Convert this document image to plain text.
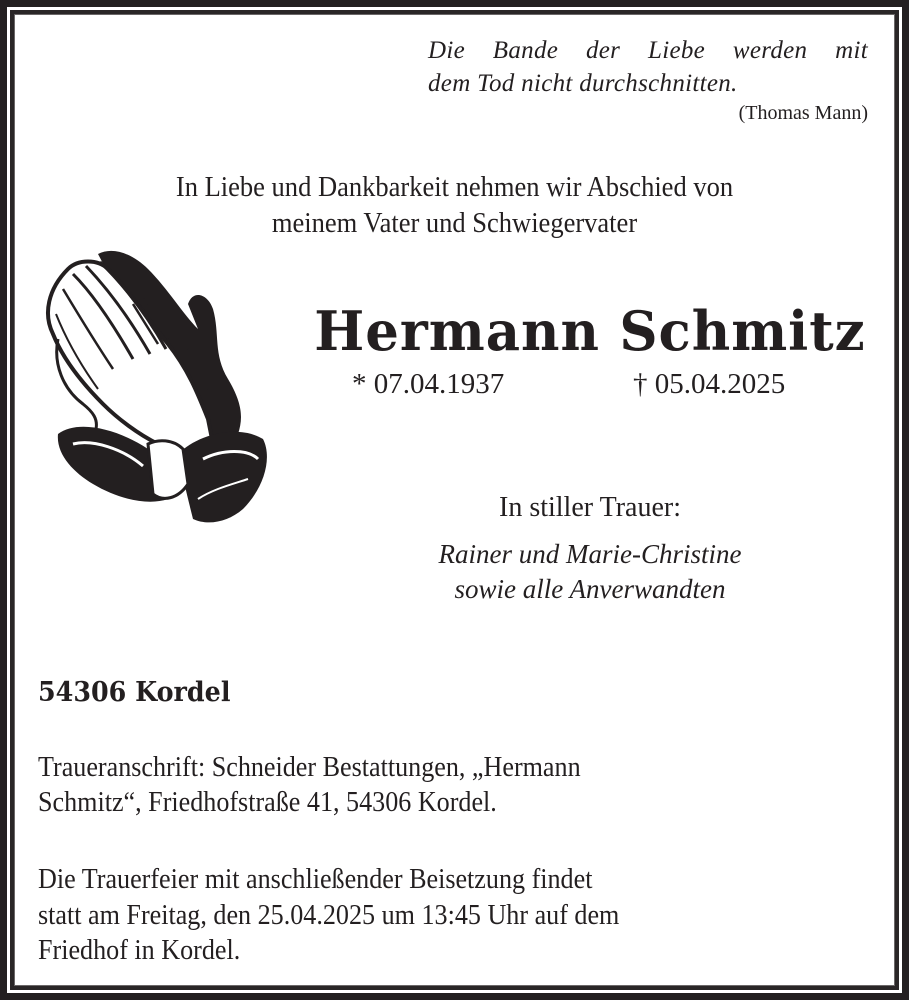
Die Bande der Liebe werden mit
dem Tod nicht durchschnitten.
(Thomas Mann)
In Liebe und Dankbarkeit nehmen wir Abschied von
meinem Vater und Schwiegervater
Hermann Schmitz
* 07.04.1937	† 05.04.2025
In stiller Trauer:
Rainer und Marie-Christine
sowie alle Anverwandten
54306 Kordel
Traueranschrift: Schneider Bestattungen, „Hermann
Schmitz“, Friedhofstraße 41, 54306 Kordel.
Die Trauerfeier mit anschließender Beisetzung findet
statt am Freitag, den 25.04.2025 um 13:45 Uhr auf dem
Friedhof in Kordel.
